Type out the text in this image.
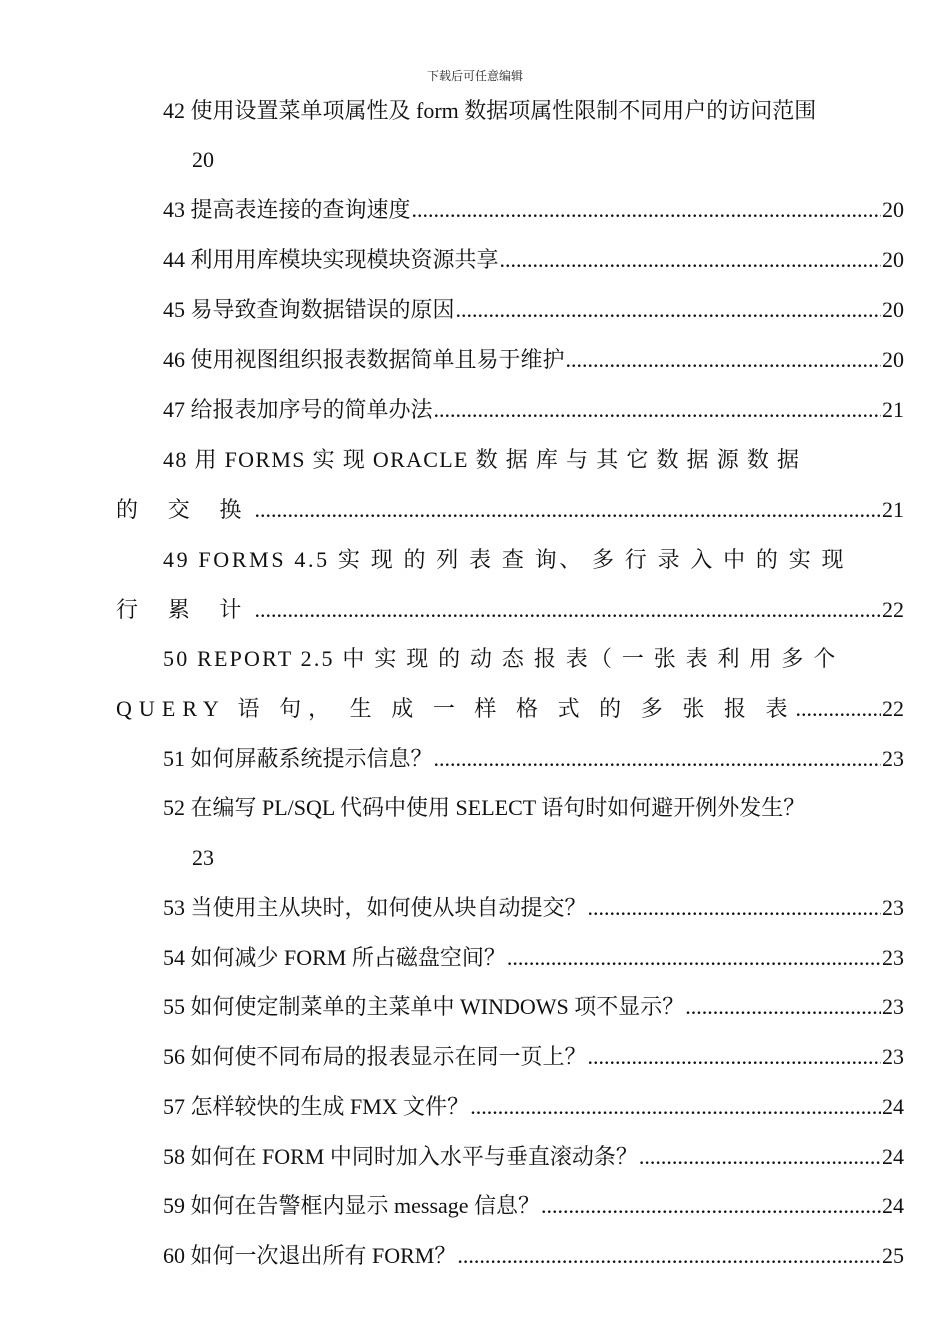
下载后可任意编辑
42 使用设置菜单项属性及 form 数据项属性限制不同用户的访问范围
20
43 提高表连接的查询速度 .....	20
44 利用用库模块实现模块资源共享 .....	20
45 易导致查询数据错误的原因 .....	20
46 使用视图组织报表数据简单且易于维护 .....	20
47 给报表加序号的简单办法 .....	21
48 用 FORMS 实 现 ORACLE 数 据 库 与 其 它 数 据 源 数 据
的 交 换 .....	21
49 FORMS 4.5 实 现 的 列 表 查 询、 多 行 录 入 中 的 实 现
行 累 计 .....	22
50 REPORT 2.5 中 实 现 的 动 态 报 表（ 一 张 表 利 用 多 个
QUERY 语 句， 生 成 一 样 格 式 的 多 张 报 表 .....	22
51 如何屏蔽系统提示信息？ .....	23
52 在编写 PL/SQL 代码中使用 SELECT 语句时如何避开例外发生？
23
53 当使用主从块时，如何使从块自动提交？ .....	23
54 如何减少 FORM 所占磁盘空间？ .....	23
55 如何使定制菜单的主菜单中 WINDOWS 项不显示？ .....	23
56 如何使不同布局的报表显示在同一页上？ .....	23
57 怎样较快的生成 FMX 文件？ .....	24
58 如何在 FORM 中同时加入水平与垂直滚动条？ .....	24
59 如何在告警框内显示 message 信息？ .....	24
60 如何一次退出所有 FORM？ .....	25
